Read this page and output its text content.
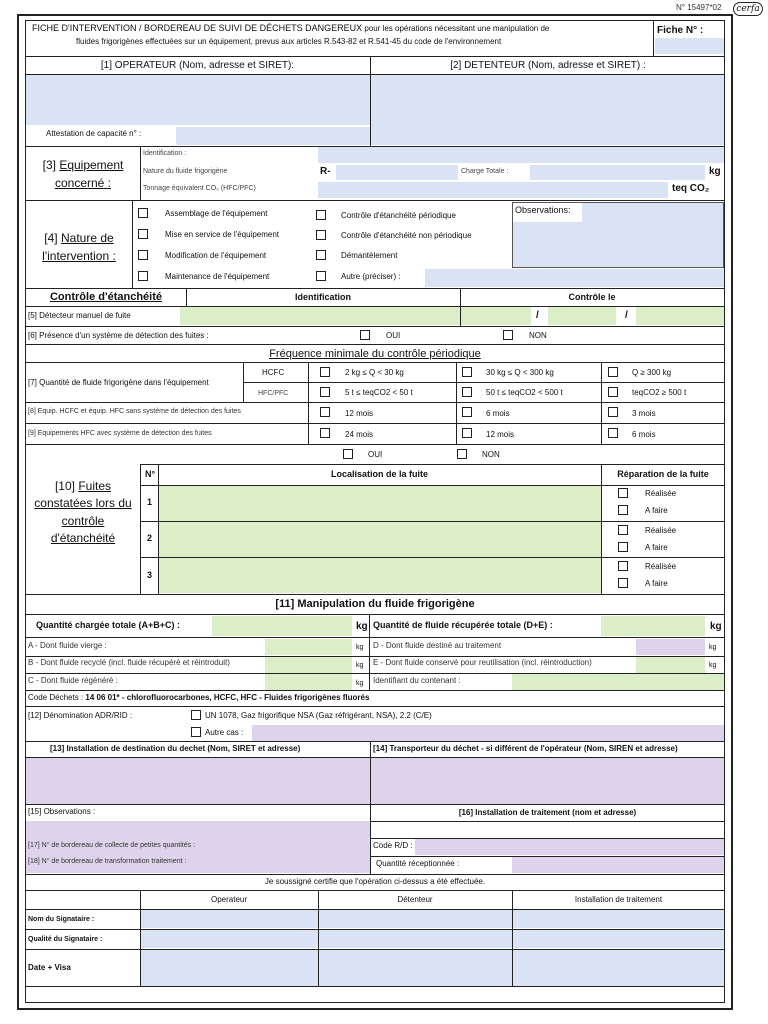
N° 15497*02	cerfa
FICHE D'INTERVENTION / BORDEREAU DE SUIVI DE DÉCHETS DANGEREUX pour les opérations nécessitant une manipulation de
fluides frigorigènes effectuées sur un équipement, prevus aux articles R.543-82 et R.541-45 du code de l'environnement
Fiche N° :
[1] OPERATEUR (Nom, adresse et SIRET):	[2] DETENTEUR (Nom, adresse et SIRET) :
Attestation de capacité n° :
[3] Equipement
concerné :
Identification :
Nature du fluide frigorigène	R-	Charge Totale :	kg
Tonnage équivalent CO₂ (HFC/PFC)	teq CO₂
[4] Nature de
l'intervention :
Assemblage de l'équipement
Mise en service de l'équipement
Modification de l'équipement
Maintenance de l'équipement
Contrôle d'étanchéité périodique
Contrôle d'étanchéité non périodique
Démantèlement
Autre (préciser) :
Observations:
Contrôle d'étanchéité	Identification	Contrôle le
[5] Détecteur manuel de fuite	/	/
[6] Présence d'un système de détection des fuites :	OUI	NON
Fréquence minimale du contrôle périodique
[7] Quantité de fluide frigorigène dans l'équipement
HCFC
HFC/PFC
2 kg ≤ Q < 30 kg	30 kg ≤ Q < 300 kg	Q ≥ 300 kg
5 t ≤ teqCO2 < 50 t	50 t ≤ teqCO2 < 500 t	teqCO2 ≥ 500 t
[8] Equip. HCFC et équip. HFC sans système de détection des fuites	12 mois	6 mois	3 mois
[9] Equipements HFC avec système de détection des fuites	24 mois	12 mois	6 mois
OUI	NON
[10] Fuites
constatées lors du
contrôle
d'étanchéité
N°	Localisation de la fuite	Réparation de la fuite
1
Réalisée
A faire
2
Réalisée
A faire
3
Réalisée
A faire
[11] Manipulation du fluide frigorigène
Quantité chargée totale (A+B+C) :	kg Quantité de fluide récupérée totale (D+E) :	kg
A - Dont fluide vierge :	kg D - Dont fluide destiné au traitement	kg
B - Dont fluide recyclé (incl. fluide récupéré et réintroduit)	kg E - Dont fluide conservé pour reutilisation (incl. réintroduction)	kg
C - Dont fluide régénéré :	kg Identifiant du contenant :
Code Déchets : 14 06 01* - chlorofluorocarbones, HCFC, HFC - Fluides frigorigènes fluorés
[12] Dénomination ADR/RID :	UN 1078, Gaz frigorifique NSA (Gaz réfrigérant, NSA), 2.2 (C/E)
Autre cas :
[13] Installation de destination du dechet (Nom, SIRET et adresse)	[14] Transporteur du déchet - si différent de l'opérateur (Nom, SIREN et adresse)
[15] Observations :	[16] Installation de traitement (nom et adresse)
[17] N° de bordereau de collecte de petites quantités :
[18] N° de bordereau de transformation traitement :
Code R/D :
Quantité réceptionnée :
Je soussigné certifie que l'opération ci-dessus a été effectuée.
Operateur	Détenteur	Installation de traitement
Nom du Signataire :
Qualité du Signataire :
Date + Visa
